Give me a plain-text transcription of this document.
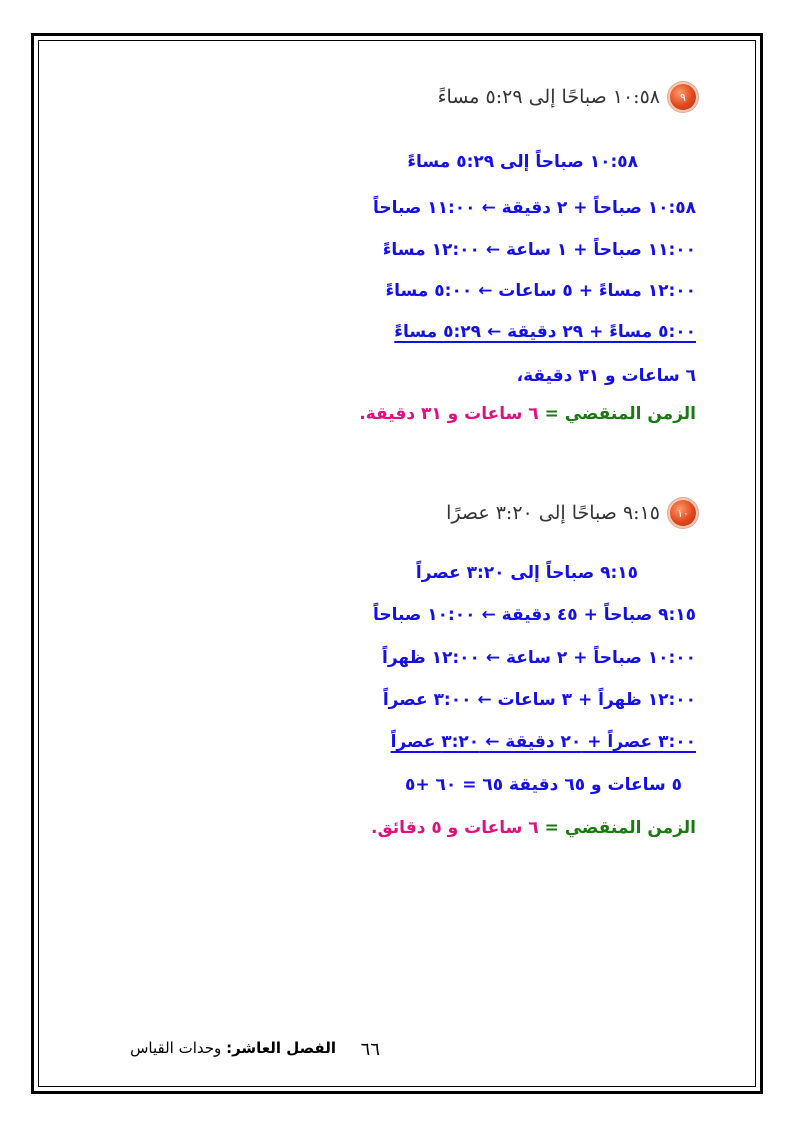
٩
١٠:٥٨ صباحًا إلى ٥:٢٩ مساءً
١٠:٥٨ صباحاً إلى ٥:٢٩ مساءً
١٠:٥٨ صباحاً + ٢ دقيقة ← ١١:٠٠ صباحاً
١١:٠٠ صباحاً + ١ ساعة ← ١٢:٠٠ مساءً
١٢:٠٠ مساءً + ٥ ساعات ← ٥:٠٠ مساءً
٥:٠٠ مساءً + ٢٩ دقيقة ← ٥:٢٩ مساءً
٦ ساعات و ٣١ دقيقة،
الزمن المنقضي = ٦ ساعات و ٣١ دقيقة.
١٠
٩:١٥ صباحًا إلى ٣:٢٠ عصرًا
٩:١٥ صباحاً إلى ٣:٢٠ عصراً
٩:١٥ صباحاً + ٤٥ دقيقة ← ١٠:٠٠ صباحاً
١٠:٠٠ صباحاً + ٢ ساعة ← ١٢:٠٠ ظهراً
١٢:٠٠ ظهراً + ٣ ساعات ← ٣:٠٠ عصراً
٣:٠٠ عصراً + ٢٠ دقيقة ← ٣:٢٠ عصراً
٥ ساعات و ٦٥ دقيقة ٦٥ = ٦٠ +٥
الزمن المنقضي = ٦ ساعات و ٥ دقائق.
٦٦
الفصل العاشر: وحدات القياس
